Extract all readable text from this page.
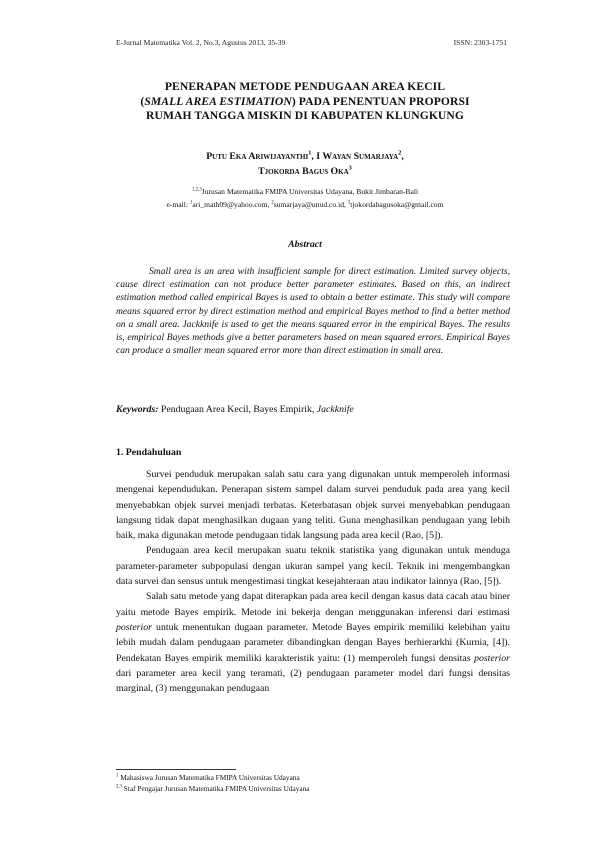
E-Jurnal Matematika Vol. 2, No.3, Agustus 2013, 35-39	ISSN: 2303-1751
PENERAPAN METODE PENDUGAAN AREA KECIL
(SMALL AREA ESTIMATION) PADA PENENTUAN PROPORSI
RUMAH TANGGA MISKIN DI KABUPATEN KLUNGKUNG
Putu Eka Ariwijayanthi$^1$, I Wayan Sumarjaya$^2$,
Tjokorda Bagus Oka$^3$
$^{1,2,3}$Jurusan Matematika FMIPA Universitas Udayana, Bukit Jimbaran-Bali
e-mail: $^1$ari_math09@yahoo.com, $^2$sumarjaya@unud.co.id, $^3$tjokordabagusoka@gmail.com
Abstract

Small area is an area with insufficient sample for direct estimation. Limited survey objects, cause direct estimation can not produce better parameter estimates. Based on this, an indirect estimation method called empirical Bayes is used to obtain a better estimate. This study will compare means squared error by direct estimation method and empirical Bayes method to find a better method on a small area. Jackknife is used to get the means squared error in the empirical Bayes. The results is, empirical Bayes methods give a better parameters based on mean squared errors. Empirical Bayes can produce a smaller mean squared error more than direct estimation in small area.

Keywords: Pendugaan Area Kecil, Bayes Empirik, Jackknife
1. Pendahuluan

Survei penduduk merupakan salah satu cara yang digunakan untuk memperoleh informasi mengenai kependudukan. Penerapan sistem sampel dalam survei penduduk pada area yang kecil menyebabkan objek survei menjadi terbatas. Keterbatasan objek survei menyebabkan pendugaan langsung tidak dapat menghasilkan dugaan yang teliti. Guna menghasilkan pendugaan yang lebih baik, maka digunakan metode pendugaan tidak langsung pada area kecil (Rao, [5]).

Pendugaan area kecil merupakan suatu teknik statistika yang digunakan untuk menduga parameter-parameter subpopulasi dengan ukuran sampel yang kecil. Teknik ini mengembangkan data survei dan sensus untuk mengestimasi tingkat kesejahteraan atau indikator lainnya (Rao, [5]).

Salah satu metode yang dapat diterapkan pada area kecil dengan kasus data cacah atau biner yaitu metode Bayes empirik. Metode ini bekerja dengan menggunakan inferensi dari estimasi posterior untuk menentukan dugaan parameter. Metode Bayes empirik memiliki kelebihan yaitu lebih mudah dalam pendugaan parameter dibandingkan dengan Bayes berhierarkhi (Kurnia, [4]). Pendekatan Bayes empirik memiliki karakteristik yaitu: (1) memperoleh fungsi densitas posterior dari parameter area kecil yang teramati, (2) pendugaan parameter model dari fungsi densitas marginal, (3) menggunakan pendugaan

$^1$ Mahasiswa Jurusan Matematika FMIPA Universitas Udayana
$^{2,3}$ Staf Pengajar Jurusan Matematika FMIPA Universitas Udayana
